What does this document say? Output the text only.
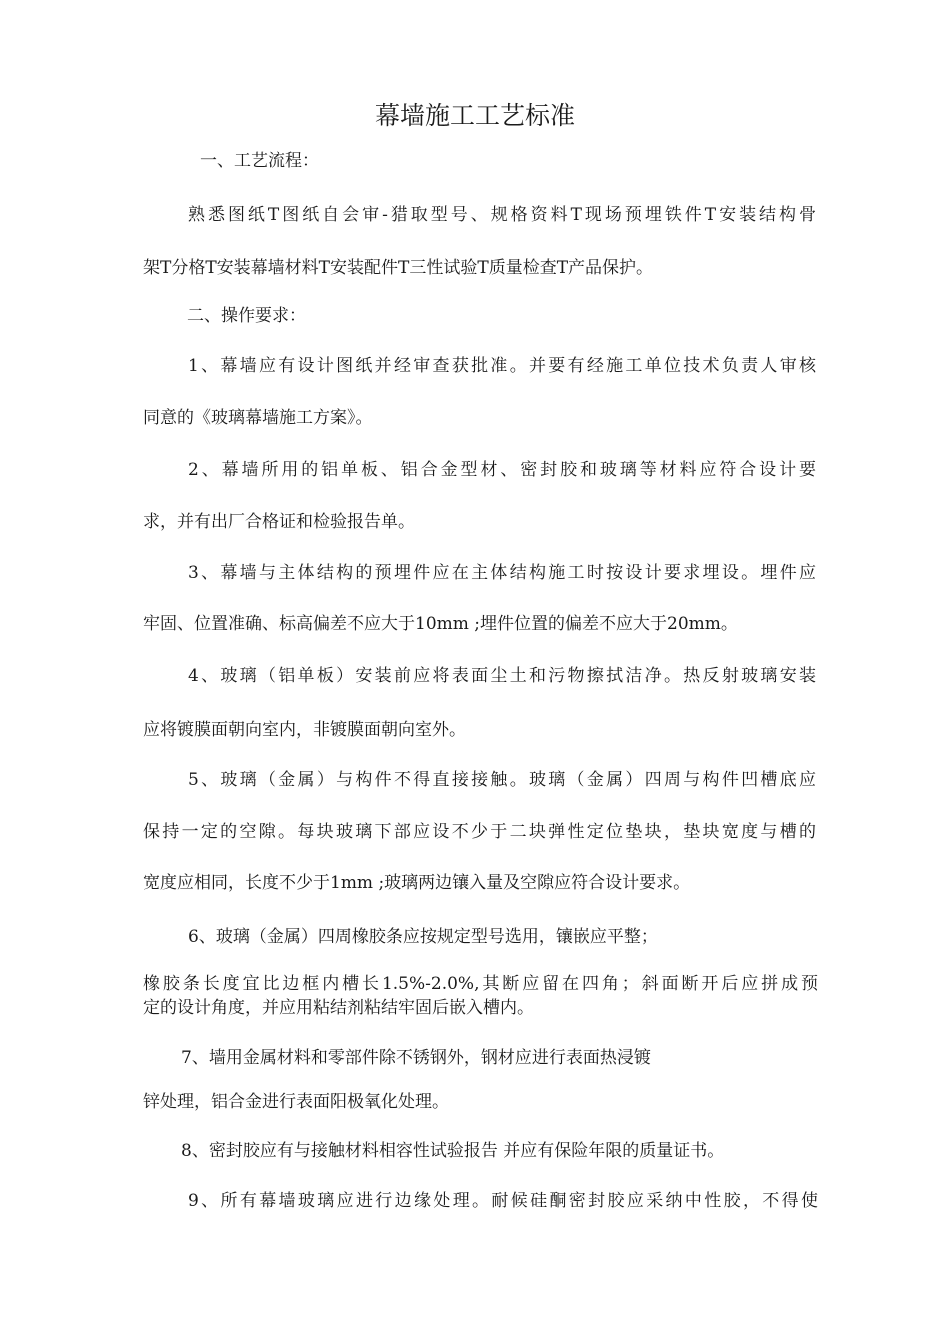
幕墙施工工艺标准
一、工艺流程：
熟悉图纸T图纸自会审-猎取型号、规格资料T现场预埋铁件T安装结构骨
架T分格T安装幕墙材料T安装配件T三性试验T质量检查T产品保护。
二、操作要求：
1、幕墙应有设计图纸并经审查获批准。并要有经施工单位技术负责人审核
同意的《玻璃幕墙施工方案》。
2、幕墙所用的铝单板、铝合金型材、密封胶和玻璃等材料应符合设计要
求，并有出厂合格证和检验报告单。
3、幕墙与主体结构的预埋件应在主体结构施工时按设计要求埋设。埋件应
牢固、位置准确、标高偏差不应大于10mm ;埋件位置的偏差不应大于20mm。
4、玻璃（铝单板）安装前应将表面尘土和污物擦拭洁净。热反射玻璃安装
应将镀膜面朝向室内，非镀膜面朝向室外。
5、玻璃（金属）与构件不得直接接触。玻璃（金属）四周与构件凹槽底应
保持一定的空隙。每块玻璃下部应设不少于二块弹性定位垫块，垫块宽度与槽的
宽度应相同，长度不少于1mm ;玻璃两边镶入量及空隙应符合设计要求。
6、玻璃（金属）四周橡胶条应按规定型号选用，镶嵌应平整；
橡胶条长度宜比边框内槽长1.5%-2.0%,其断应留在四角；斜面断开后应拼成预
定的设计角度，并应用粘结剂粘结牢固后嵌入槽内。
7、墙用金属材料和零部件除不锈钢外，钢材应进行表面热浸镀
锌处理，铝合金进行表面阳极氧化处理。
8、密封胶应有与接触材料相容性试验报告 并应有保险年限的质量证书。
9、所有幕墙玻璃应进行边缘处理。耐候硅酮密封胶应采纳中性胶，不得使
